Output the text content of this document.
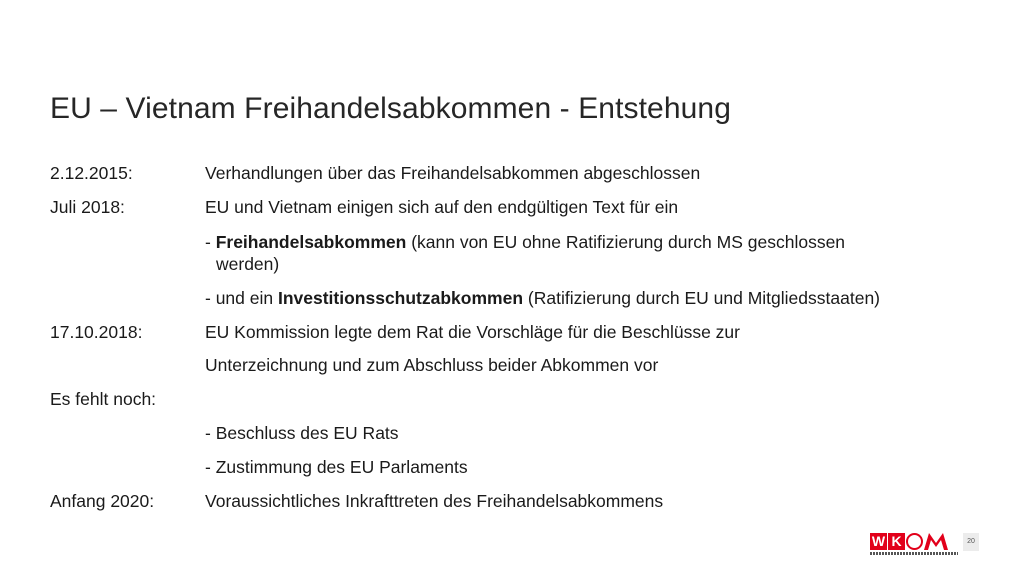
EU – Vietnam Freihandelsabkommen - Entstehung
2.12.2015:	Verhandlungen über das Freihandelsabkommen abgeschlossen
Juli 2018:	EU und Vietnam einigen sich auf den endgültigen Text für ein
- Freihandelsabkommen (kann von EU ohne Ratifizierung durch MS geschlossen
werden)
- und ein Investitionsschutzabkommen (Ratifizierung durch EU und Mitgliedsstaaten)
17.10.2018:	EU Kommission legte dem Rat die Vorschläge für die Beschlüsse zur
Unterzeichnung und zum Abschluss beider Abkommen vor
Es fehlt noch:
- Beschluss des EU Rats
- Zustimmung des EU Parlaments
Anfang 2020:	Voraussichtliches Inkrafttreten des Freihandelsabkommens
W K	20
